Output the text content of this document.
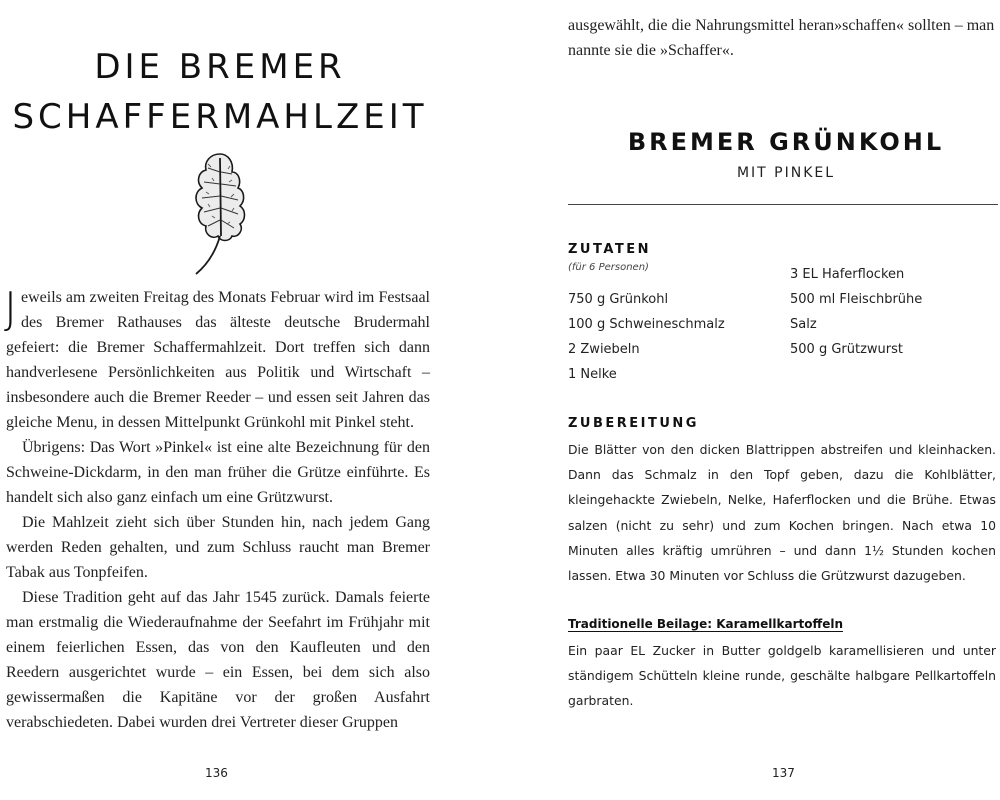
DIE BREMER
SCHAFFERMAHLZEIT

Jeweils am zweiten Freitag des Monats Februar wird im Festsaal des Bremer Rathauses das älteste deutsche Brudermahl gefeiert: die Bremer Schaffermahlzeit. Dort treffen sich dann handverlesene Persönlichkeiten aus Politik und Wirtschaft – insbesondere auch die Bremer Reeder – und essen seit Jahren das gleiche Menu, in dessen Mittelpunkt Grünkohl mit Pinkel steht.

Übrigens: Das Wort »Pinkel« ist eine alte Bezeichnung für den Schweine-Dickdarm, in den man früher die Grütze einführte. Es handelt sich also ganz einfach um eine Grützwurst.

Die Mahlzeit zieht sich über Stunden hin, nach jedem Gang werden Reden gehalten, und zum Schluss raucht man Bremer Tabak aus Tonpfeifen.

Diese Tradition geht auf das Jahr 1545 zurück. Damals feierte man erstmalig die Wiederaufnahme der Seefahrt im Frühjahr mit einem feierlichen Essen, das von den Kaufleuten und den Reedern ausgerichtet wurde – ein Essen, bei dem sich also gewissermaßen die Kapitäne vor der großen Ausfahrt verabschiedeten. Dabei wurden drei Vertreter dieser Gruppen

136

ausgewählt, die die Nahrungsmittel heran»schaffen« sollten – man nannte sie die »Schaffer«.

BREMER GRÜNKOHL
MIT PINKEL
ZUTATEN
(für 6 Personen)
750 g Grünkohl
100 g Schweineschmalz
2 Zwiebeln
1 Nelke
3 EL Haferflocken
500 ml Fleischbrühe
Salz
500 g Grützwurst
ZUBEREITUNG

Die Blätter von den dicken Blattrippen abstreifen und kleinhacken. Dann das Schmalz in den Topf geben, dazu die Kohlblätter, kleingehackte Zwiebeln, Nelke, Haferflocken und die Brühe. Etwas salzen (nicht zu sehr) und zum Kochen bringen. Nach etwa 10 Minuten alles kräftig umrühren – und dann 1½ Stunden kochen lassen. Etwa 30 Minuten vor Schluss die Grützwurst dazugeben.

Traditionelle Beilage: Karamellkartoffeln

Ein paar EL Zucker in Butter goldgelb karamellisieren und unter ständigem Schütteln kleine runde, geschälte halbgare Pellkartoffeln garbraten.

137
